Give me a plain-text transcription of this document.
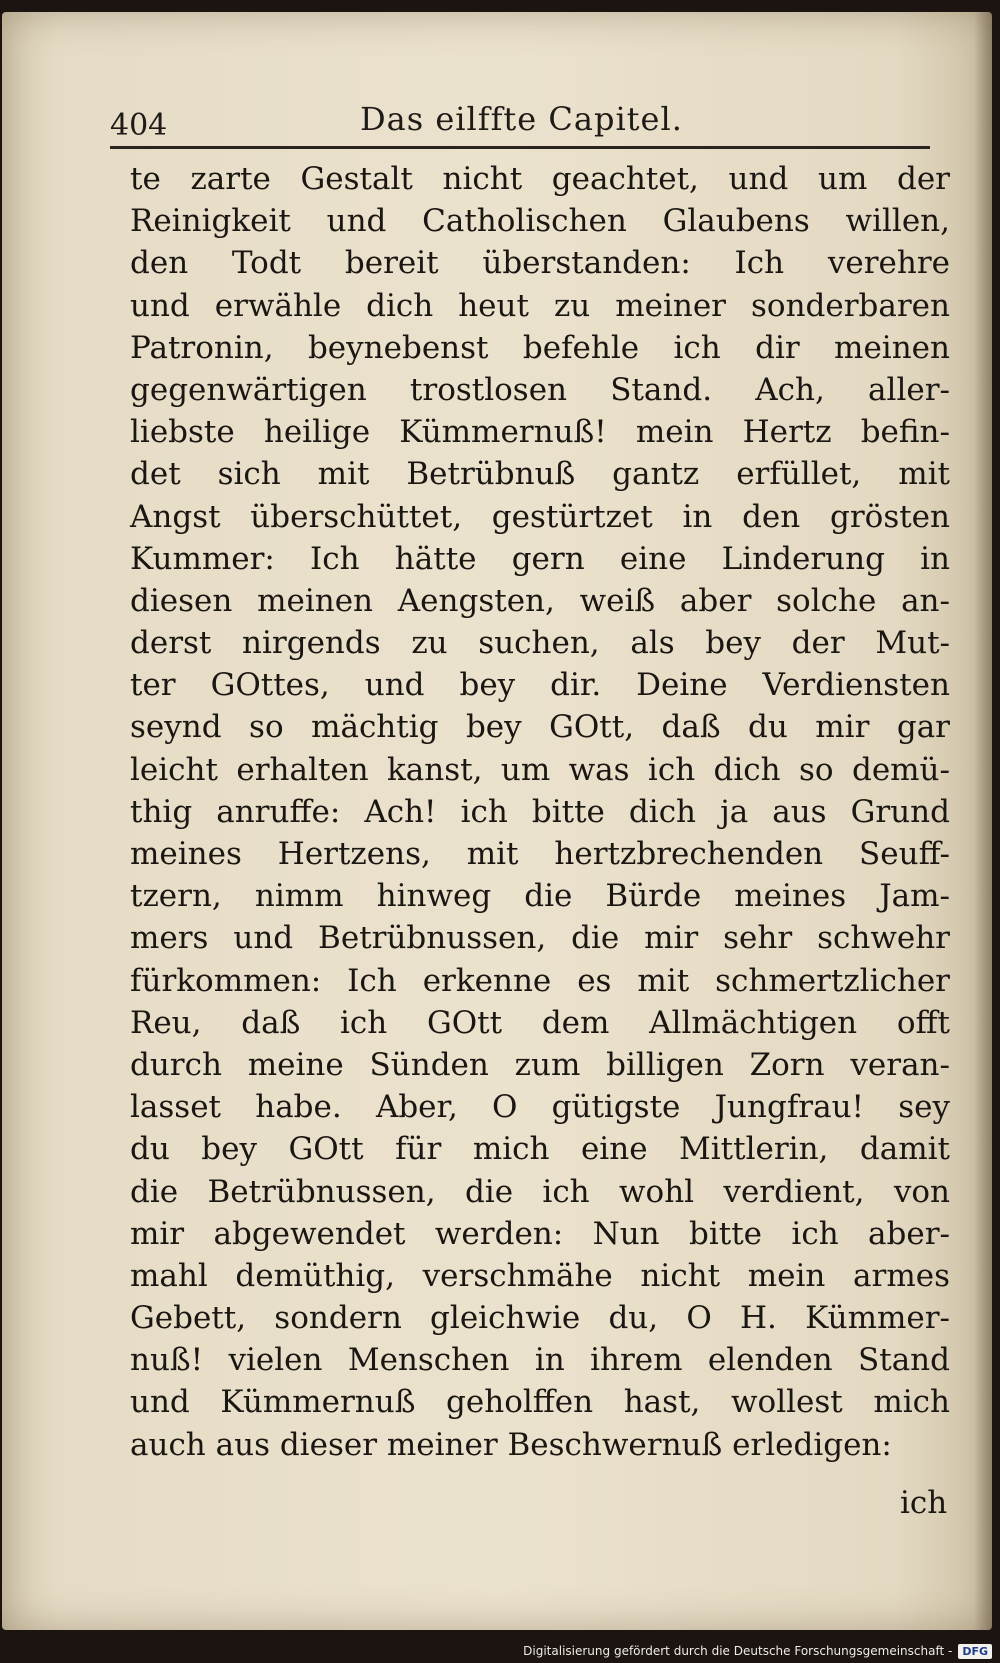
404	Das eilffte Capitel.
te zarte Gestalt nicht geachtet, und um der
Reinigkeit und Catholischen Glaubens willen,
den Todt bereit überstanden: Ich verehre
und erwähle dich heut zu meiner sonderbaren
Patronin, beynebenst befehle ich dir meinen
gegenwärtigen trostlosen Stand. Ach, aller-
liebste heilige Kümmernuß! mein Hertz befin-
det sich mit Betrübnuß gantz erfüllet, mit
Angst überschüttet, gestürtzet in den grösten
Kummer: Ich hätte gern eine Linderung in
diesen meinen Aengsten, weiß aber solche an-
derst nirgends zu suchen, als bey der Mut-
ter GOttes, und bey dir. Deine Verdiensten
seynd so mächtig bey GOtt, daß du mir gar
leicht erhalten kanst, um was ich dich so demü-
thig anruffe: Ach! ich bitte dich ja aus Grund
meines Hertzens, mit hertzbrechenden Seuff-
tzern, nimm hinweg die Bürde meines Jam-
mers und Betrübnussen, die mir sehr schwehr
fürkommen: Ich erkenne es mit schmertzlicher
Reu, daß ich GOtt dem Allmächtigen offt
durch meine Sünden zum billigen Zorn veran-
lasset habe. Aber, O gütigste Jungfrau! sey
du bey GOtt für mich eine Mittlerin, damit
die Betrübnussen, die ich wohl verdient, von
mir abgewendet werden: Nun bitte ich aber-
mahl demüthig, verschmähe nicht mein armes
Gebett, sondern gleichwie du, O H. Kümmer-
nuß! vielen Menschen in ihrem elenden Stand
und Kümmernuß geholffen hast, wollest mich
auch aus dieser meiner Beschwernuß erledigen:
ich
Digitalisierung gefördert durch die Deutsche Forschungsgemeinschaft - DFG
